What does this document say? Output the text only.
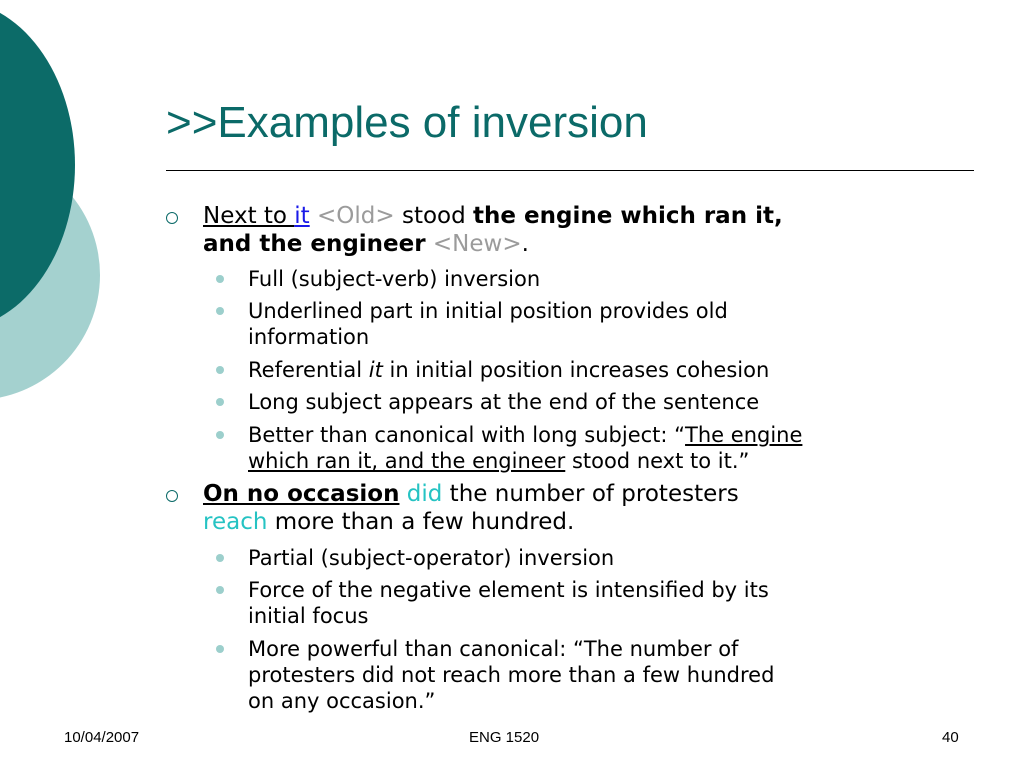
>>Examples of inversion
Next to it <Old> stood the engine which ran it,
and the engineer <New>.
Full (subject-verb) inversion
Underlined part in initial position provides old
information
Referential it in initial position increases cohesion
Long subject appears at the end of the sentence
Better than canonical with long subject: “The engine
which ran it, and the engineer stood next to it.”
On no occasion did the number of protesters
reach more than a few hundred.
Partial (subject-operator) inversion
Force of the negative element is intensified by its
initial focus
More powerful than canonical: “The number of
protesters did not reach more than a few hundred
on any occasion.”
10/04/2007	ENG 1520	40
